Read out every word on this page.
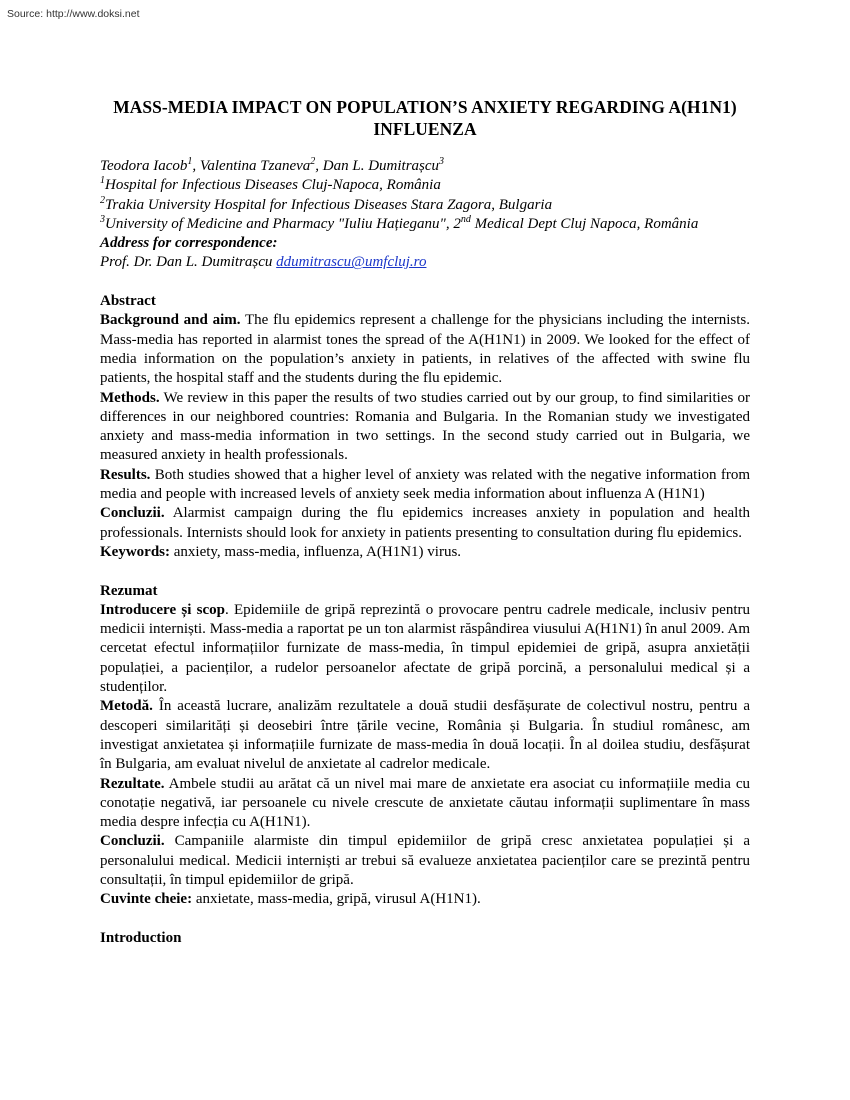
Source: http://www.doksi.net
MASS-MEDIA IMPACT ON POPULATION’S ANXIETY REGARDING A(H1N1) INFLUENZA

Teodora Iacob$^1$, Valentina Tzaneva$^2$, Dan L. Dumitrașcu$^3$

$^1$Hospital for Infectious Diseases Cluj-Napoca, România

$^2$Trakia University Hospital for Infectious Diseases Stara Zagora, Bulgaria

$^3$University of Medicine and Pharmacy "Iuliu Hațieganu", 2nd Medical Dept Cluj Napoca, România

Address for correspondence:

Prof. Dr. Dan L. Dumitrașcu ddumitrascu@umfcluj.ro

Abstract

Background and aim. The flu epidemics represent a challenge for the physicians including the internists. Mass-media has reported in alarmist tones the spread of the A(H1N1) in 2009. We looked for the effect of media information on the population’s anxiety in patients, in relatives of the affected with swine flu patients, the hospital staff and the students during the flu epidemic.

Methods. We review in this paper the results of two studies carried out by our group, to find similarities or differences in our neighbored countries: Romania and Bulgaria. In the Romanian study we investigated anxiety and mass-media information in two settings. In the second study carried out in Bulgaria, we measured anxiety in health professionals.

Results. Both studies showed that a higher level of anxiety was related with the negative information from media and people with increased levels of anxiety seek media information about influenza A (H1N1)

Concluzii. Alarmist campaign during the flu epidemics increases anxiety in population and health professionals. Internists should look for anxiety in patients presenting to consultation during flu epidemics.

Keywords: anxiety, mass-media, influenza, A(H1N1) virus.

Rezumat

Introducere și scop. Epidemiile de gripă reprezintă o provocare pentru cadrele medicale, inclusiv pentru medicii interniști. Mass-media a raportat pe un ton alarmist răspândirea viusului A(H1N1) în anul 2009. Am cercetat efectul informațiilor furnizate de mass-media, în timpul epidemiei de gripă, asupra anxietății populației, a pacienților, a rudelor persoanelor afectate de gripă porcină, a personalului medical și a studenților.

Metodă. În această lucrare, analizăm rezultatele a două studii desfășurate de colectivul nostru, pentru a descoperi similarități și deosebiri între țările vecine, România și Bulgaria. În studiul românesc, am investigat anxietatea și informațiile furnizate de mass-media în două locații. În al doilea studiu, desfășurat în Bulgaria, am evaluat nivelul de anxietate al cadrelor medicale.

Rezultate. Ambele studii au arătat că un nivel mai mare de anxietate era asociat cu informațiile media cu conotație negativă, iar persoanele cu nivele crescute de anxietate căutau informații suplimentare în mass media despre infecția cu A(H1N1).

Concluzii. Campaniile alarmiste din timpul epidemiilor de gripă cresc anxietatea populației și a personalului medical. Medicii interniști ar trebui să evalueze anxietatea pacienților care se prezintă pentru consultații, în timpul epidemiilor de gripă.

Cuvinte cheie: anxietate, mass-media, gripă, virusul A(H1N1).

Introduction
